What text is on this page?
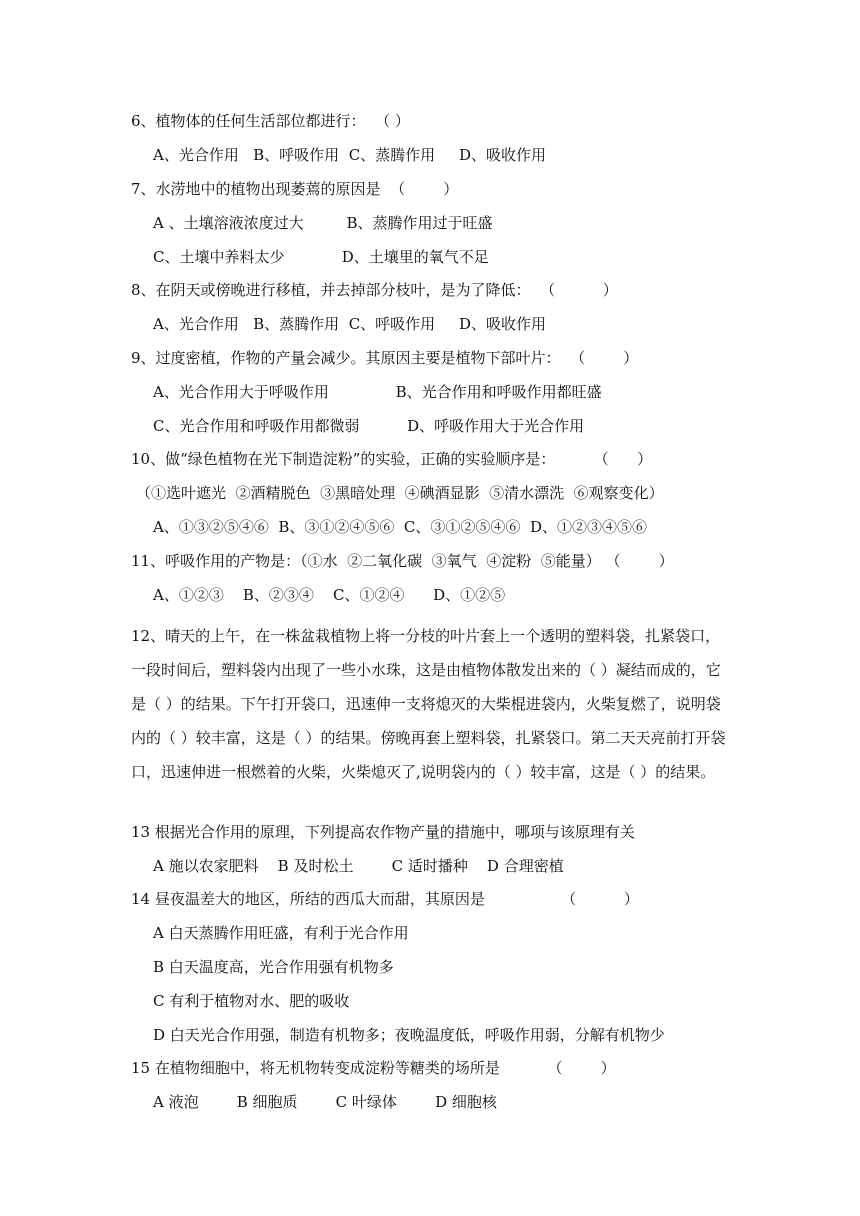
6、植物体的任何生活部位都进行：  （ ）
A、光合作用   B、呼吸作用  C、蒸腾作用     D、吸收作用
7、水涝地中的植物出现萎蔫的原因是  （        ）
A 、土壤溶液浓度过大         B、蒸腾作用过于旺盛
C、土壤中养料太少            D、土壤里的氧气不足
8、在阴天或傍晚进行移植，并去掉部分枝叶，是为了降低：  （          ）
A、光合作用   B、蒸腾作用  C、呼吸作用     D、吸收作用
9、过度密植，作物的产量会减少。其原因主要是植物下部叶片：  （        ）
A、光合作用大于呼吸作用              B、光合作用和呼吸作用都旺盛
C、光合作用和呼吸作用都微弱          D、呼吸作用大于光合作用
10、做“绿色植物在光下制造淀粉”的实验，正确的实验顺序是：        （      ）
（①选叶遮光  ②酒精脱色  ③黑暗处理  ④碘酒显影  ⑤清水漂洗  ⑥观察变化）
A、①③②⑤④⑥  B、③①②④⑤⑥  C、③①②⑤④⑥  D、①②③④⑤⑥
11、呼吸作用的产物是：（①水  ②二氧化碳  ③氧气  ④淀粉  ⑤能量） （        ）
A、①②③    B、②③④    C、①②④      D、①②⑤
12、晴天的上午，在一株盆栽植物上将一分枝的叶片套上一个透明的塑料袋，扎紧袋口，一段时间后，塑料袋内出现了一些小水珠，这是由植物体散发出来的（ ）凝结而成的，它是（ ）的结果。下午打开袋口，迅速伸一支将熄灭的大柴棍进袋内，火柴复燃了，说明袋内的（ ）较丰富，这是（ ）的结果。傍晚再套上塑料袋，扎紧袋口。第二天天亮前打开袋口，迅速伸进一根燃着的火柴，火柴熄灭了,说明袋内的（ ）较丰富，这是（ ）的结果。
13 根据光合作用的原理，下列提高农作物产量的措施中，哪项与该原理有关
A 施以农家肥料    B 及时松土        C 适时播种    D 合理密植
14 昼夜温差大的地区，所结的西瓜大而甜，其原因是                （          ）
A 白天蒸腾作用旺盛，有利于光合作用
B 白天温度高，光合作用强有机物多
C 有利于植物对水、肥的吸收
D 白天光合作用强，制造有机物多；夜晚温度低，呼吸作用弱，分解有机物少
15 在植物细胞中，将无机物转变成淀粉等糖类的场所是          （        ）
A 液泡        B 细胞质        C 叶绿体        D 细胞核
